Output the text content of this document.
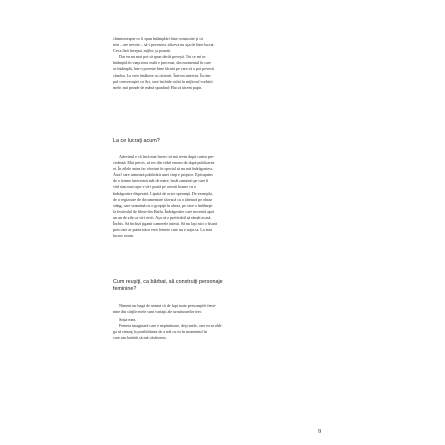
chimioterapie ce îi spun întâmplări bine construite şi că

trea – are nevoie – să-i povestesc altceva nu aşa de bine lucrat.

Ceva fără început, mijloc şi poantă.

Dar eu nu mai pot să spun decât poveşti. Tot ce mi se

întâmplă în viaţa mea reală e procesat, din momentul în care

se întâmplă, într-o poveste bine făcută pe care să o pot povesti

cândva. La vreo întâlnire cu cititorii. Într-un interviu. În tim-

pul conversaţiei cu Ari, care închide ochii în mijlocul vorbirii

mele, mă prinde de mână spunând: Hai să tăcem puţin.

La ce lucraţi acum?

Adevărul e că încă mai încerc să mă revin după cartea pre-

cedentă. Mai precis, să ies din vidul enorm de după publicarea

ei. În zilele astea fac eforturi în special să nu mă îndrăgostesc.

Ăsta! care urmează publicării unei cărţi e propice. Epicuprins

de o foame interioară atât de mare, încât oamenii pe care îi

văd stau mai uşor e să-i poată pe acestă foame cu o

îndrăgostire disperată. Lipsită de orice speranţă. De exemplu,

de o regizoare de documentare slovacă cu o tăietură pe obraz

stâng, care seamănă cu o gropiţă în obraz, pe care o întâlneşti

la festivalul de filme din Haifa. Îndrăgostire care necesită apoi

un an de zile ca să-i revii. Aşa că e preferabil să rămâi acasă.

Închis. Să închizi ţiganii camerele inimii. Să nu laşi nici o fisură

prin care ar putea intra vreo femeie care nu e soţia ta. La asta

lucrez acum.

Cum reuşiţi, ca bărbat, să construiţi personaje

feminine?

Nimeni nu bagă de seamă că de fapt toate personajele femi-

nine din cărţile mele sunt variaţii ale următoarelor trei:

Soţia mea.

Femeia imaginară care e nepăsătoare, deşi mele, care m-ar obli-

ga să renunţ la posibilitatea de a trăi cu ea în momentul în

care am hotărât să mă căsătoresc.

9
